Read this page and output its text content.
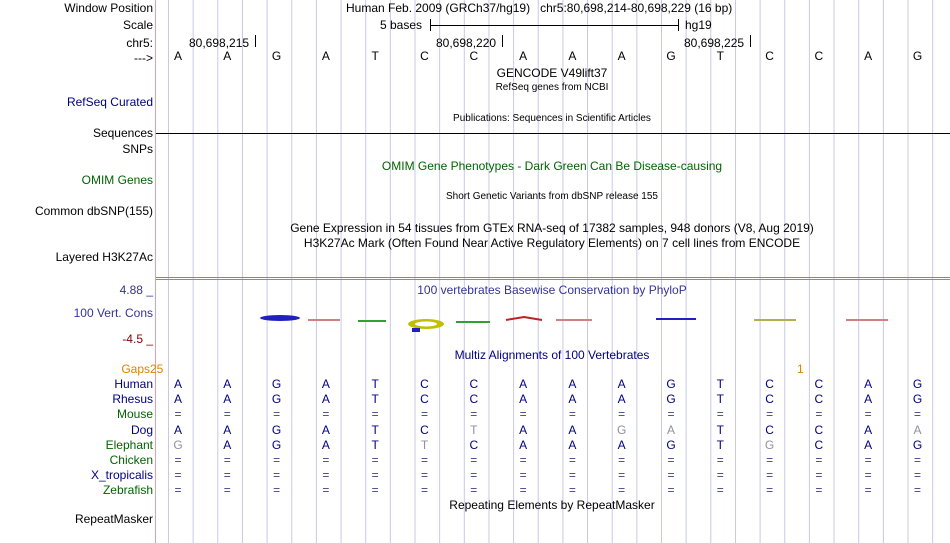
Window Position	Human Feb. 2009 (GRCh37/hg19)   chr5:80,698,214-80,698,229 (16 bp)
Scale	5 bases	hg19
chr5:	80,698,215	80,698,220	80,698,225
---> A	A	G	A	T	C	C	A	A	A	G	T	C	C	A	G
GENCODE V49lift37
RefSeq genes from NCBI
RefSeq Curated
Publications: Sequences in Scientific Articles
Sequences
SNPs
OMIM Gene Phenotypes - Dark Green Can Be Disease-causing
OMIM Genes
Short Genetic Variants from dbSNP release 155
Common dbSNP(155)
Gene Expression in 54 tissues from GTEx RNA-seq of 17382 samples, 948 donors (V8, Aug 2019)
H3K27Ac Mark (Often Found Near Active Regulatory Elements) on 7 cell lines from ENCODE
Layered H3K27Ac
4.88 _	100 vertebrates Basewise Conservation by PhyloP
100 Vert. Cons
-4.5 _
Multiz Alignments of 100 Vertebrates
Gaps 25	1
Human A	A	G	A	T	C	C	A	A	A	G	T	C	C	A	G
Rhesus A	A	G	A	T	C	C	A	A	A	G	T	C	C	A	G
Mouse =	=	=	=	=	=	=	=	=	=	=	=	=	=	=	=
Dog A	A	G	A	T	C	T	A	A	G	A	T	C	C	A	A
Elephant G	A	G	A	T	T	C	A	A	A	G	T	G	C	A	G
Chicken =	=	=	=	=	=	=	=	=	=	=	=	=	=	=	=
X_tropicalis =	=	=	=	=	=	=	=	=	=	=	=	=	=	=	=
Zebrafish =	=	=	=	=	=	=	=	=	=	=	=	=	=	=	=
Repeating Elements by RepeatMasker
RepeatMasker
